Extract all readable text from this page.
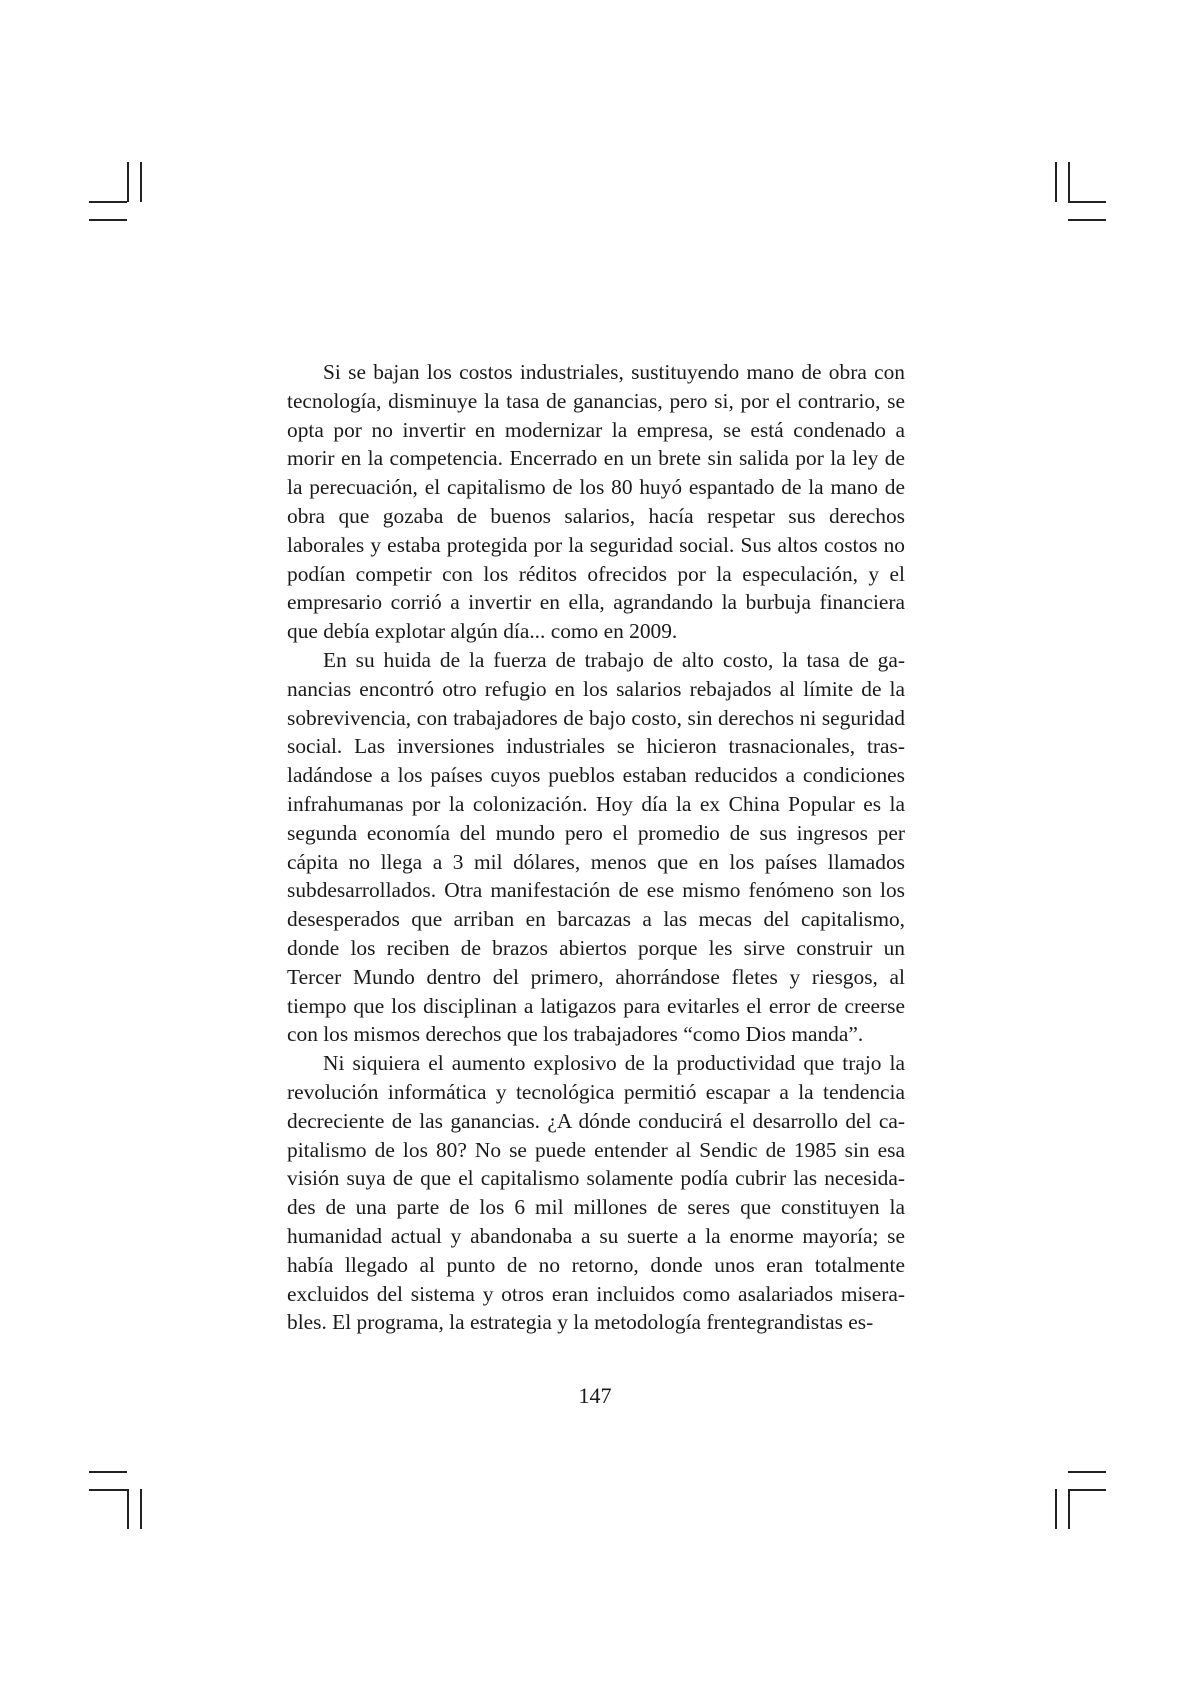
Si se bajan los costos industriales, sustituyendo mano de obra con tecnología, disminuye la tasa de ganancias, pero si, por el contrario, se opta por no invertir en modernizar la empresa, se está condenado a morir en la competencia. Encerrado en un brete sin salida por la ley de la perecuación, el capitalismo de los 80 huyó espantado de la mano de obra que gozaba de buenos salarios, hacía respetar sus derechos laborales y estaba protegida por la seguridad social. Sus altos costos no podían competir con los réditos ofrecidos por la especulación, y el empresario corrió a invertir en ella, agrandando la burbuja financiera que debía explotar algún día... como en 2009.

En su huida de la fuerza de trabajo de alto costo, la tasa de ganancias encontró otro refugio en los salarios rebajados al límite de la sobrevivencia, con trabajadores de bajo costo, sin derechos ni seguridad social. Las inversiones industriales se hicieron trasnacionales, trasladándose a los países cuyos pueblos estaban reducidos a condiciones infrahumanas por la colonización. Hoy día la ex China Popular es la segunda economía del mundo pero el promedio de sus ingresos per cápita no llega a 3 mil dólares, menos que en los países llamados subdesarrollados. Otra manifestación de ese mismo fenómeno son los desesperados que arriban en barcazas a las mecas del capitalismo, donde los reciben de brazos abiertos porque les sirve construir un Tercer Mundo dentro del primero, ahorrándose fletes y riesgos, al tiempo que los disciplinan a latigazos para evitarles el error de creerse con los mismos derechos que los trabajadores “como Dios manda”.

Ni siquiera el aumento explosivo de la productividad que trajo la revolución informática y tecnológica permitió escapar a la tendencia decreciente de las ganancias. ¿A dónde conducirá el desarrollo del capitalismo de los 80? No se puede entender al Sendic de 1985 sin esa visión suya de que el capitalismo solamente podía cubrir las necesidades de una parte de los 6 mil millones de seres que constituyen la humanidad actual y abandonaba a su suerte a la enorme mayoría; se había llegado al punto de no retorno, donde unos eran totalmente excluidos del sistema y otros eran incluidos como asalariados miserables. El programa, la estrategia y la metodología frentegrandistas es-

147
